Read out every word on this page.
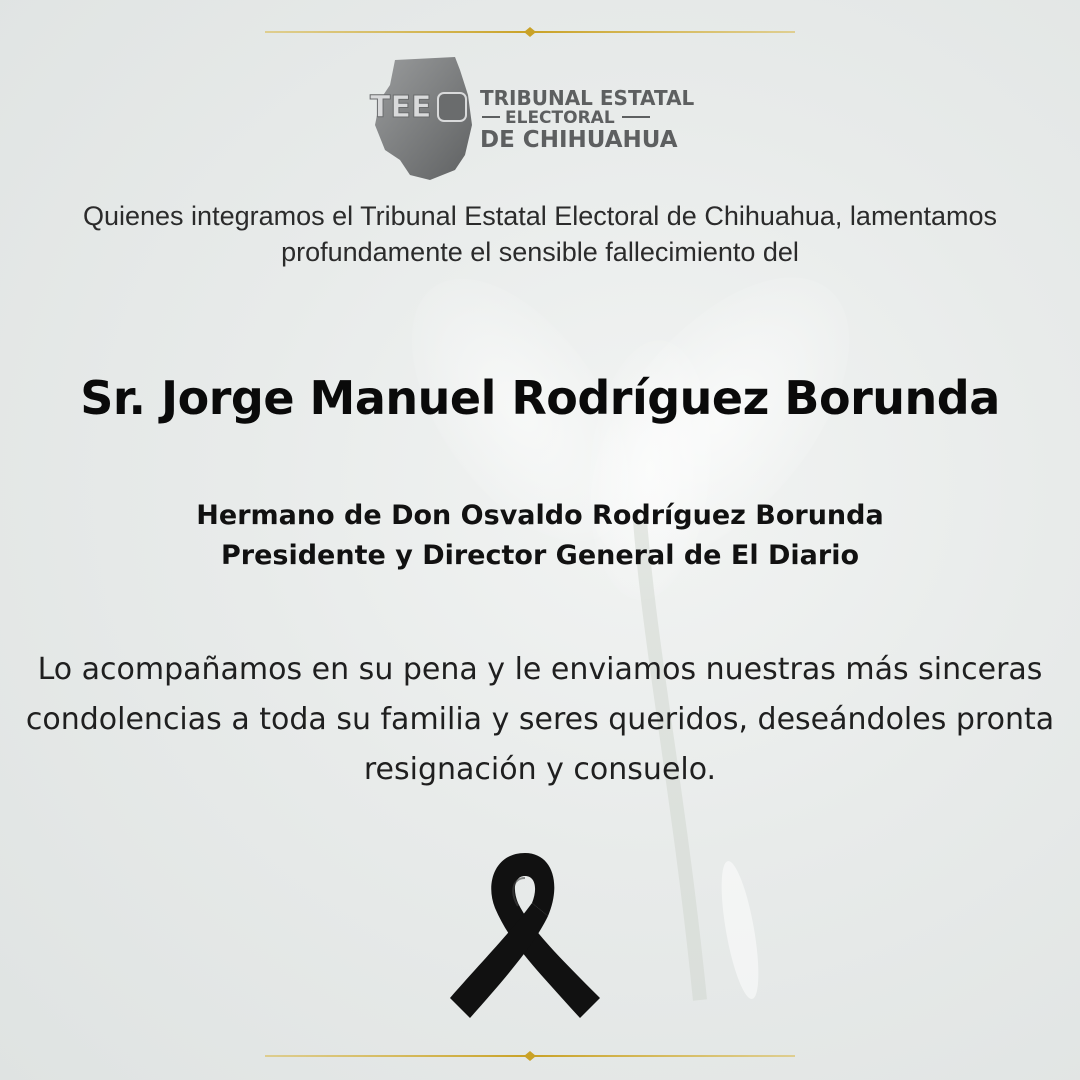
TEE TRIBUNAL ESTATAL
ELECTORAL
DE CHIHUAHUA

Quienes integramos el Tribunal Estatal Electoral de Chihuahua, lamentamos profundamente el sensible fallecimiento del

Sr. Jorge Manuel Rodríguez Borunda

Hermano de Don Osvaldo Rodríguez Borunda
Presidente y Director General de El Diario

Lo acompañamos en su pena y le enviamos nuestras más sinceras condolencias a toda su familia y seres queridos, deseándoles pronta resignación y consuelo.
